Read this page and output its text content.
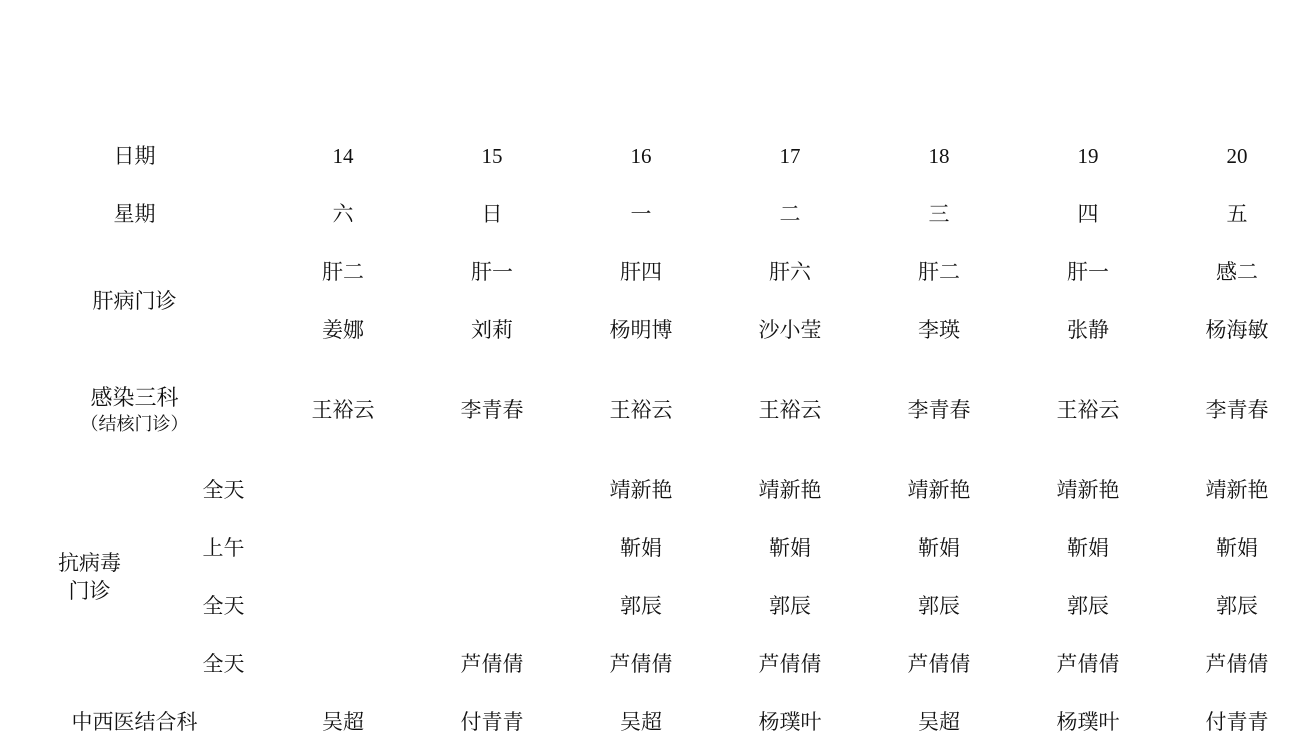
西安市第八医院
2025 年 6 月 14 日—6 月 20 日门诊科室出诊安排								

日期		14	15	16	17	18	19	20
星期		六	日	一	二	三	四	五
肝病门诊		肝二	肝一	肝四	肝六	肝二	肝一	感二
		姜娜	刘莉	杨明博	沙小莹	李瑛	张静	杨海敏

感染三科
（结核门诊）		王裕云	李青春	王裕云	王裕云	李青春	王裕云	李青春

抗病毒
门诊	全天			靖新艳	靖新艳	靖新艳	靖新艳	靖新艳
	上午			靳娟	靳娟	靳娟	靳娟	靳娟
	全天			郭辰	郭辰	郭辰	郭辰	郭辰
	全天		芦倩倩	芦倩倩	芦倩倩	芦倩倩	芦倩倩	芦倩倩
中西医结合科		吴超	付青青	吴超	杨璞叶	吴超	杨璞叶	付青青
